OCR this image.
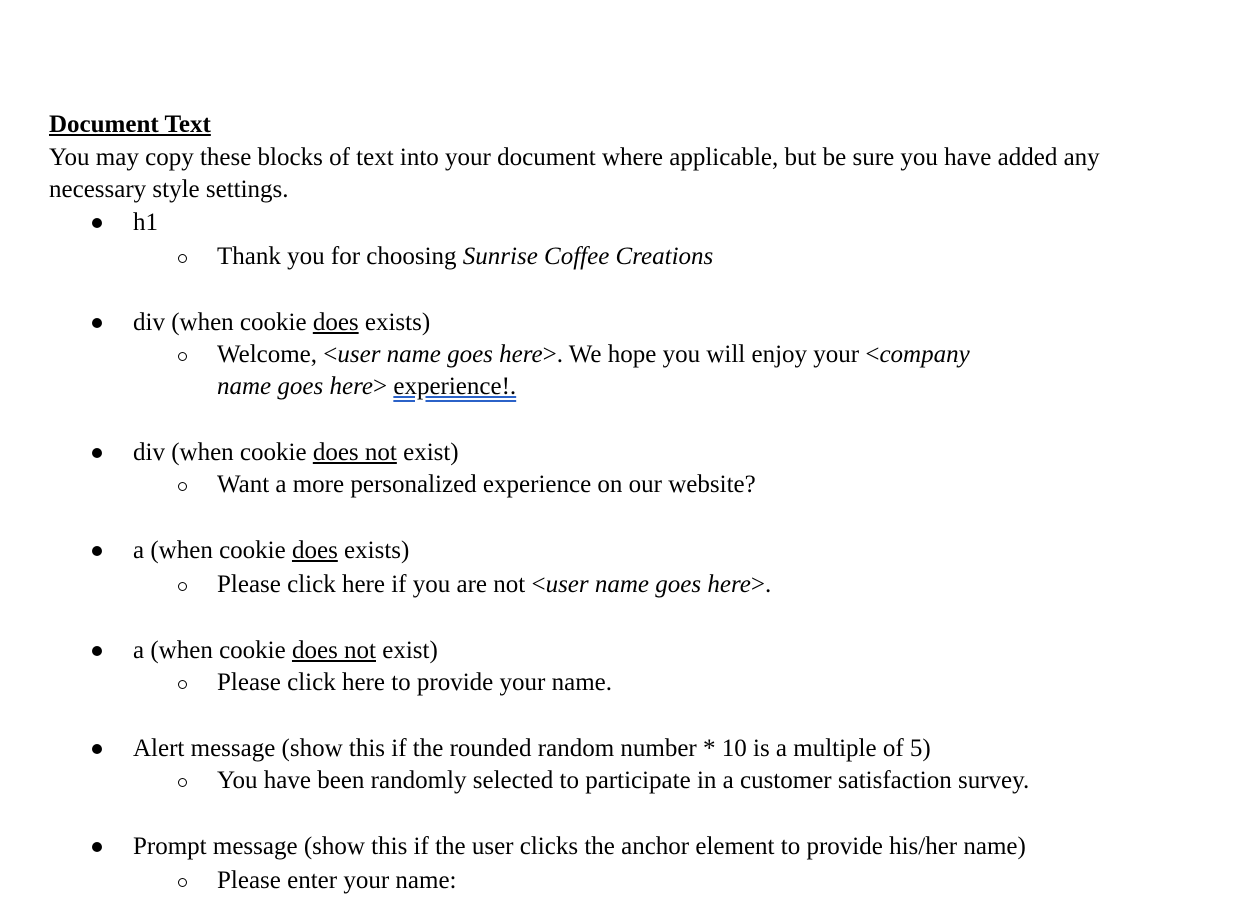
Document Text
You may copy these blocks of text into your document where applicable, but be sure you have added any necessary style settings.
h1
Thank you for choosing Sunrise Coffee Creations
div (when cookie does exists)
Welcome, <user name goes here>. We hope you will enjoy your <company
name goes here> experience!.
div (when cookie does not exist)
Want a more personalized experience on our website?
a (when cookie does exists)
Please click here if you are not <user name goes here>.
a (when cookie does not exist)
Please click here to provide your name.
Alert message (show this if the rounded random number * 10 is a multiple of 5)
You have been randomly selected to participate in a customer satisfaction survey.
Prompt message (show this if the user clicks the anchor element to provide his/her name)
Please enter your name:
